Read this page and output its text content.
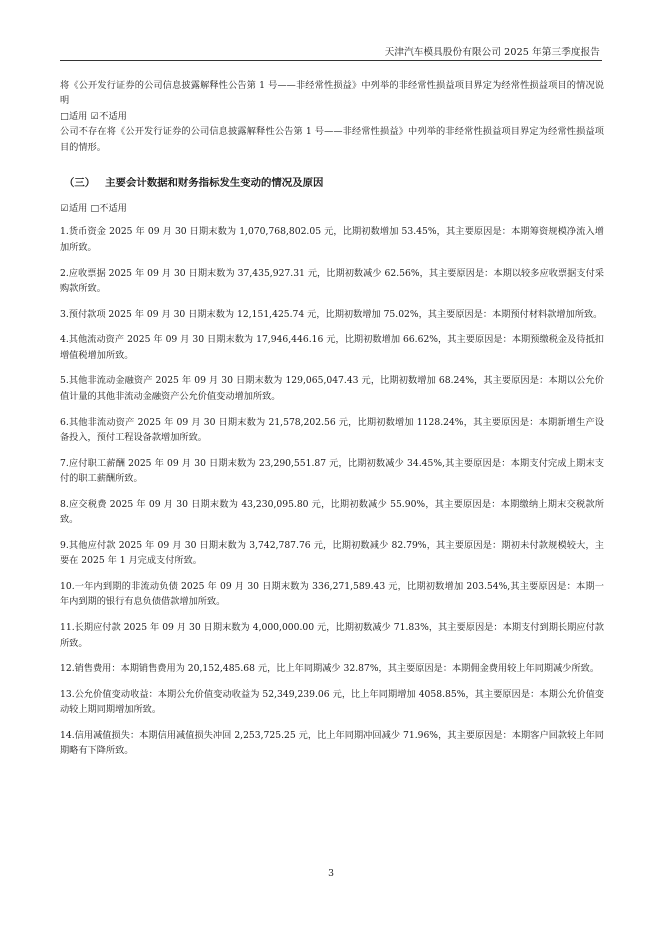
天津汽车模具股份有限公司 2025 年第三季度报告

将《公开发行证券的公司信息披露解释性公告第 1 号——非经常性损益》中列举的非经常性损益项目界定为经常性损益项目的情况说明

□适用 ☑不适用

公司不存在将《公开发行证券的公司信息披露解释性公告第 1 号——非经常性损益》中列举的非经常性损益项目界定为经常性损益项目的情形。

（三） 主要会计数据和财务指标发生变动的情况及原因

☑适用 □不适用

1.货币资金 2025 年 09 月 30 日期末数为 1,070,768,802.05 元，比期初数增加 53.45%，其主要原因是：本期筹资规模净流入增加所致。

2.应收票据 2025 年 09 月 30 日期末数为 37,435,927.31 元，比期初数减少 62.56%，其主要原因是：本期以较多应收票据支付采购款所致。

3.预付款项 2025 年 09 月 30 日期末数为 12,151,425.74 元，比期初数增加 75.02%，其主要原因是：本期预付材料款增加所致。

4.其他流动资产 2025 年 09 月 30 日期末数为 17,946,446.16 元，比期初数增加 66.62%，其主要原因是：本期预缴税金及待抵扣增值税增加所致。

5.其他非流动金融资产 2025 年 09 月 30 日期末数为 129,065,047.43 元，比期初数增加 68.24%，其主要原因是：本期以公允价值计量的其他非流动金融资产公允价值变动增加所致。

6.其他非流动资产 2025 年 09 月 30 日期末数为 21,578,202.56 元，比期初数增加 1128.24%，其主要原因是：本期新增生产设备投入，预付工程设备款增加所致。

7.应付职工薪酬 2025 年 09 月 30 日期末数为 23,290,551.87 元，比期初数减少 34.45%,其主要原因是：本期支付完成上期末支付的职工薪酬所致。

8.应交税费 2025 年 09 月 30 日期末数为 43,230,095.80 元，比期初数减少 55.90%，其主要原因是：本期缴纳上期末交税款所致。

9.其他应付款 2025 年 09 月 30 日期末数为 3,742,787.76 元，比期初数减少 82.79%，其主要原因是：期初未付款规模较大，主要在 2025 年 1 月完成支付所致。

10.一年内到期的非流动负债 2025 年 09 月 30 日期末数为 336,271,589.43 元，比期初数增加 203.54%,其主要原因是：本期一年内到期的银行有息负债借款增加所致。

11.长期应付款 2025 年 09 月 30 日期末数为 4,000,000.00 元，比期初数减少 71.83%，其主要原因是：本期支付到期长期应付款所致。

12.销售费用：本期销售费用为 20,152,485.68 元，比上年同期减少 32.87%，其主要原因是：本期佣金费用较上年同期减少所致。

13.公允价值变动收益：本期公允价值变动收益为 52,349,239.06 元，比上年同期增加 4058.85%，其主要原因是：本期公允价值变动较上期同期增加所致。

14.信用减值损失：本期信用减值损失冲回 2,253,725.25 元，比上年同期冲回减少 71.96%，其主要原因是：本期客户回款较上年同期略有下降所致。

3
